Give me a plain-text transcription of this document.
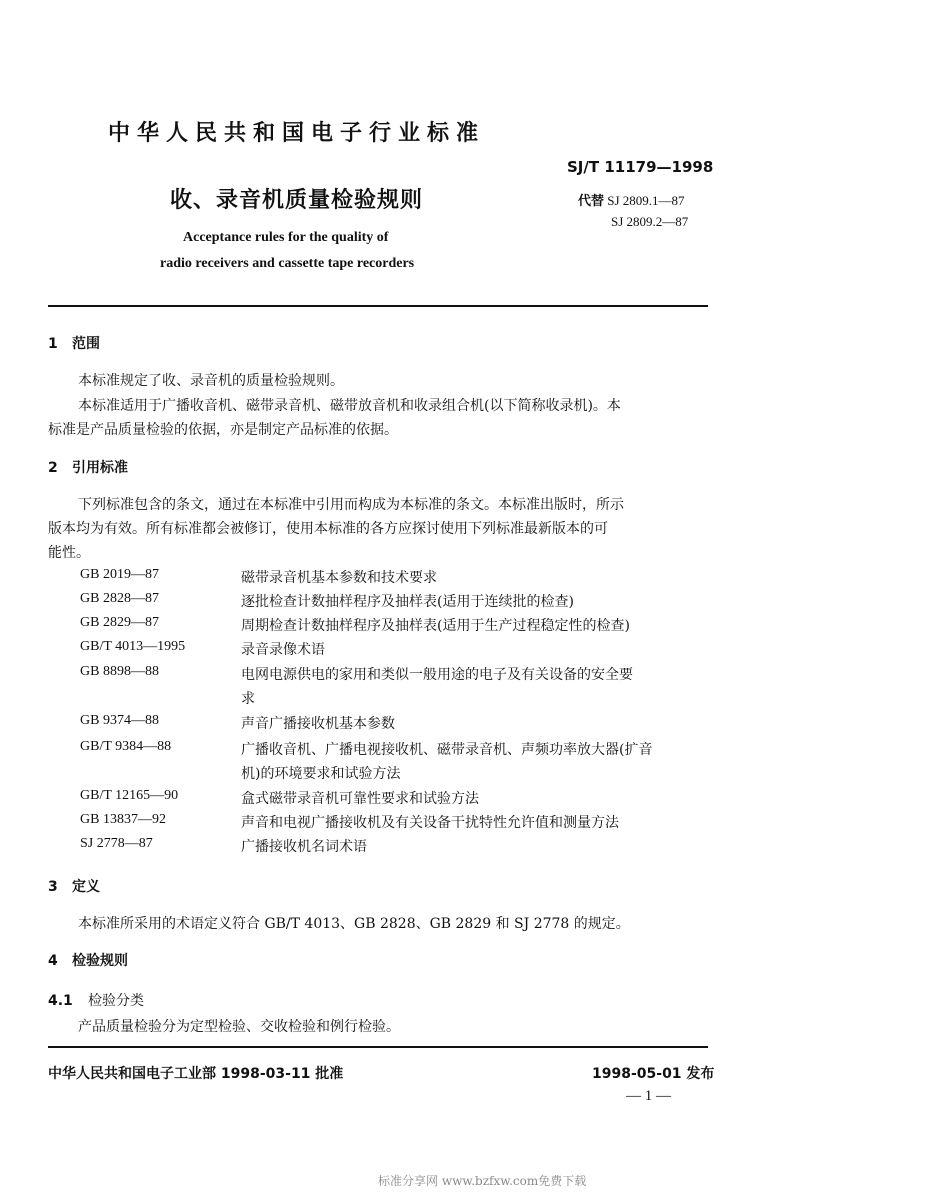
中华人民共和国电子行业标准
SJ/T 11179—1998
收、录音机质量检验规则	代替 SJ 2809.1—87
SJ 2809.2—87
Acceptance rules for the quality of
radio receivers and cassette tape recorders
1 范围
本标准规定了收、录音机的质量检验规则。
本标准适用于广播收音机、磁带录音机、磁带放音机和收录组合机(以下简称收录机)。本
标准是产品质量检验的依据，亦是制定产品标准的依据。
2 引用标准
下列标准包含的条文，通过在本标准中引用而构成为本标准的条文。本标准出版时，所示
版本均为有效。所有标准都会被修订，使用本标准的各方应探讨使用下列标准最新版本的可
能性。
GB 2019—87	磁带录音机基本参数和技术要求
GB 2828—87	逐批检查计数抽样程序及抽样表(适用于连续批的检查)
GB 2829—87	周期检查计数抽样程序及抽样表(适用于生产过程稳定性的检查)
GB/T 4013—1995	录音录像术语
GB 8898—88	电网电源供电的家用和类似一般用途的电子及有关设备的安全要
求
GB 9374—88	声音广播接收机基本参数
GB/T 9384—88	广播收音机、广播电视接收机、磁带录音机、声频功率放大器(扩音
机)的环境要求和试验方法
GB/T 12165—90	盒式磁带录音机可靠性要求和试验方法
GB 13837—92	声音和电视广播接收机及有关设备干扰特性允许值和测量方法
SJ 2778—87	广播接收机名词术语
3 定义
本标准所采用的术语定义符合 GB/T 4013、GB 2828、GB 2829 和 SJ 2778 的规定。
4 检验规则
4.1 检验分类
产品质量检验分为定型检验、交收检验和例行检验。
中华人民共和国电子工业部 1998-03-11 批准	1998-05-01 发布
— 1 —
标准分享网 www.bzfxw.com免费下载
